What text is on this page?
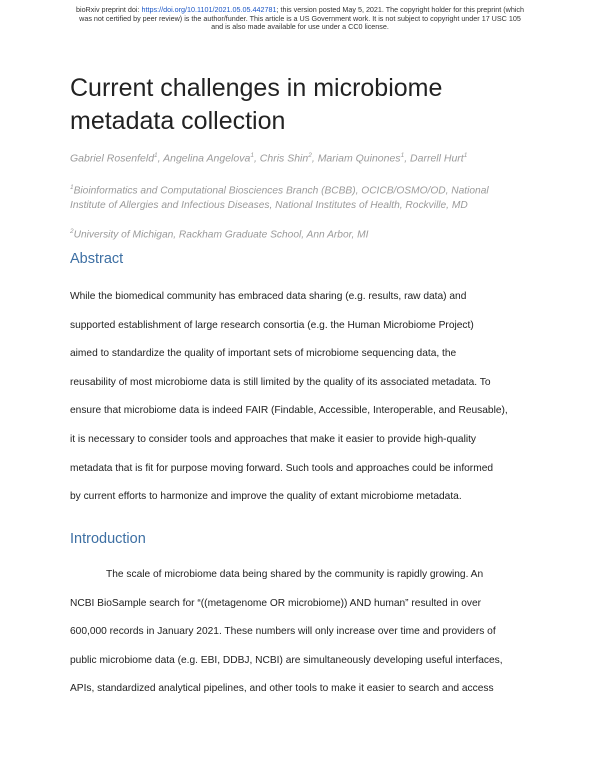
bioRxiv preprint doi: https://doi.org/10.1101/2021.05.05.442781; this version posted May 5, 2021. The copyright holder for this preprint (which
was not certified by peer review) is the author/funder. This article is a US Government work. It is not subject to copyright under 17 USC 105
and is also made available for use under a CC0 license.
Current challenges in microbiome
metadata collection
Gabriel Rosenfeld$^1$, Angelina Angelova$^1$, Chris Shin$^2$, Mariam Quinones$^1$, Darrell Hurt$^1$
$^1$Bioinformatics and Computational Biosciences Branch (BCBB), OCICB/OSMO/OD, National
Institute of Allergies and Infectious Diseases, National Institutes of Health, Rockville, MD
$^2$University of Michigan, Rackham Graduate School, Ann Arbor, MI
Abstract
While the biomedical community has embraced data sharing (e.g. results, raw data) and
supported establishment of large research consortia (e.g. the Human Microbiome Project)
aimed to standardize the quality of important sets of microbiome sequencing data, the
reusability of most microbiome data is still limited by the quality of its associated metadata. To
ensure that microbiome data is indeed FAIR (Findable, Accessible, Interoperable, and Reusable),
it is necessary to consider tools and approaches that make it easier to provide high-quality
metadata that is fit for purpose moving forward. Such tools and approaches could be informed
by current efforts to harmonize and improve the quality of extant microbiome metadata.
Introduction
The scale of microbiome data being shared by the community is rapidly growing. An
NCBI BioSample search for “((metagenome OR microbiome)) AND human” resulted in over
600,000 records in January 2021. These numbers will only increase over time and providers of
public microbiome data (e.g. EBI, DDBJ, NCBI) are simultaneously developing useful interfaces,
APIs, standardized analytical pipelines, and other tools to make it easier to search and access
